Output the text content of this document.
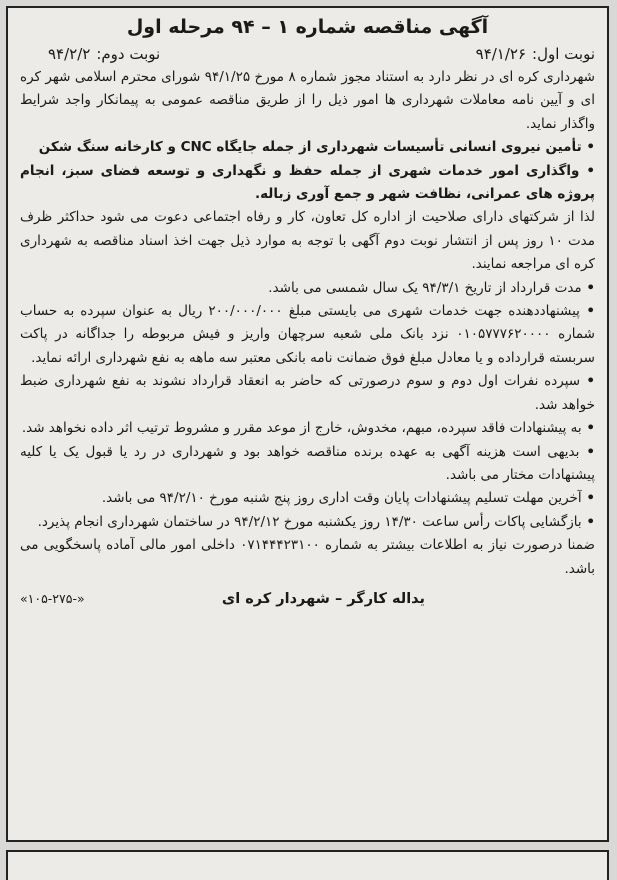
آگهی مناقصه شماره ۱ – ۹۴ مرحله اول
نوبت اول:
۹۴/۱/۲۶
نوبت دوم:
۹۴/۲/۲

شهرداری کره ای در نظر دارد به استناد مجوز شماره ۸ مورخ ۹۴/۱/۲۵ شورای محترم اسلامی شهر کره ای و آیین نامه معاملات شهرداری ها امور ذیل را از طریق مناقصه عمومی به پیمانکار واجد شرایط واگذار نماید.

• تأمین نیروی انسانی تأسیسات شهرداری از جمله جایگاه CNC و کارخانه سنگ شکن

• واگذاری امور خدمات شهری از جمله حفظ و نگهداری و توسعه فضای سبز، انجام پروژه های عمرانی، نظافت شهر و جمع آوری زباله.

لذا از شرکتهای دارای صلاحیت از اداره کل تعاون، کار و رفاه اجتماعی دعوت می شود حداکثر ظرف مدت ۱۰ روز پس از انتشار نوبت دوم آگهی با توجه به موارد ذیل جهت اخذ اسناد مناقصه به شهرداری کره ای مراجعه نمایند.

• مدت قرارداد از تاریخ ۹۴/۳/۱ یک سال شمسی می باشد.

• پیشنهاددهنده جهت خدمات شهری می بایستی مبلغ ۲۰۰/۰۰۰/۰۰۰ ریال به عنوان سپرده به حساب شماره ۰۱۰۵۷۷۷۶۲۰۰۰۰ نزد بانک ملی شعبه سرچهان واریز و فیش مربوطه را جداگانه در پاکت سربسته قرارداده و یا معادل مبلغ فوق ضمانت نامه بانکی معتبر سه ماهه به نفع شهرداری ارائه نماید.

• سپرده نفرات اول دوم و سوم درصورتی که حاضر به انعقاد قرارداد نشوند به نفع شهرداری ضبط خواهد شد.

• به پیشنهادات فاقد سپرده، مبهم، مخدوش، خارج از موعد مقرر و مشروط ترتیب اثر داده نخواهد شد.

• بدیهی است هزینه آگهی به عهده برنده مناقصه خواهد بود و شهرداری در رد یا قبول یک یا کلیه پیشنهادات مختار می باشد.

• آخرین مهلت تسلیم پیشنهادات پایان وقت اداری روز پنج شنبه مورخ ۹۴/۲/۱۰ می باشد.

• بازگشایی پاکات رأس ساعت ۱۴/۳۰ روز یکشنبه مورخ ۹۴/۲/۱۲ در ساختمان شهرداری انجام پذیرد.

ضمنا درصورت نیاز به اطلاعات بیشتر به شماره ۰۷۱۴۴۴۲۳۱۰۰ داخلی امور مالی آماده پاسخگویی می باشد.

یداله کارگر – شهردار کره ای
«۱۰۵-۲۷۵-»
